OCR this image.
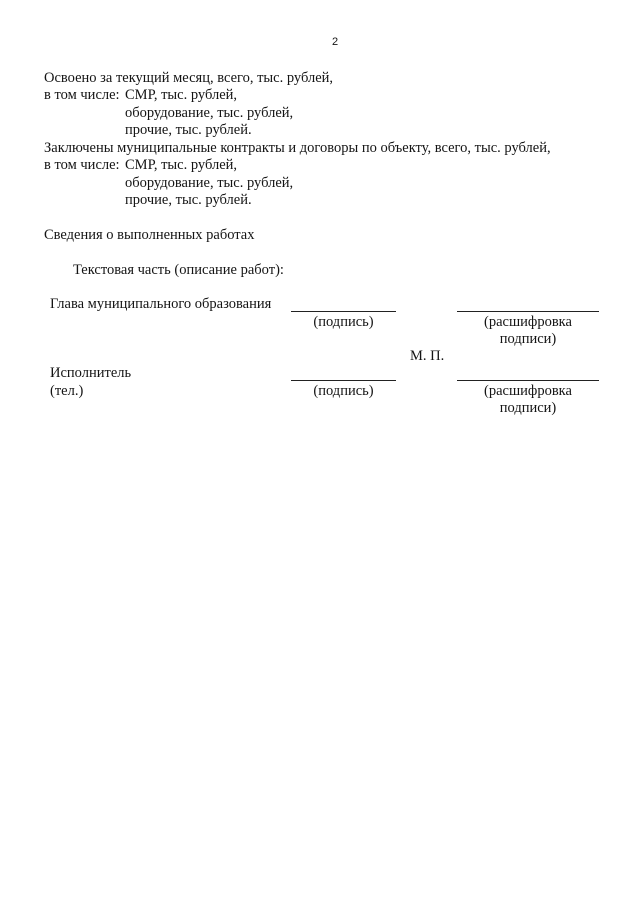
2
Освоено за текущий месяц, всего, тыс. рублей,
в том числе: СМР, тыс. рублей,
оборудование, тыс. рублей,
прочие, тыс. рублей.
Заключены муниципальные контракты и договоры по объекту, всего, тыс. рублей,
в том числе: СМР, тыс. рублей,
оборудование, тыс. рублей,
прочие, тыс. рублей.
Сведения о выполненных работах
Текстовая часть (описание работ):
Глава муниципального образования
(подпись)	(расшифровка
подписи)
М. П.
Исполнитель
(тел.)	(подпись)	(расшифровка
подписи)
